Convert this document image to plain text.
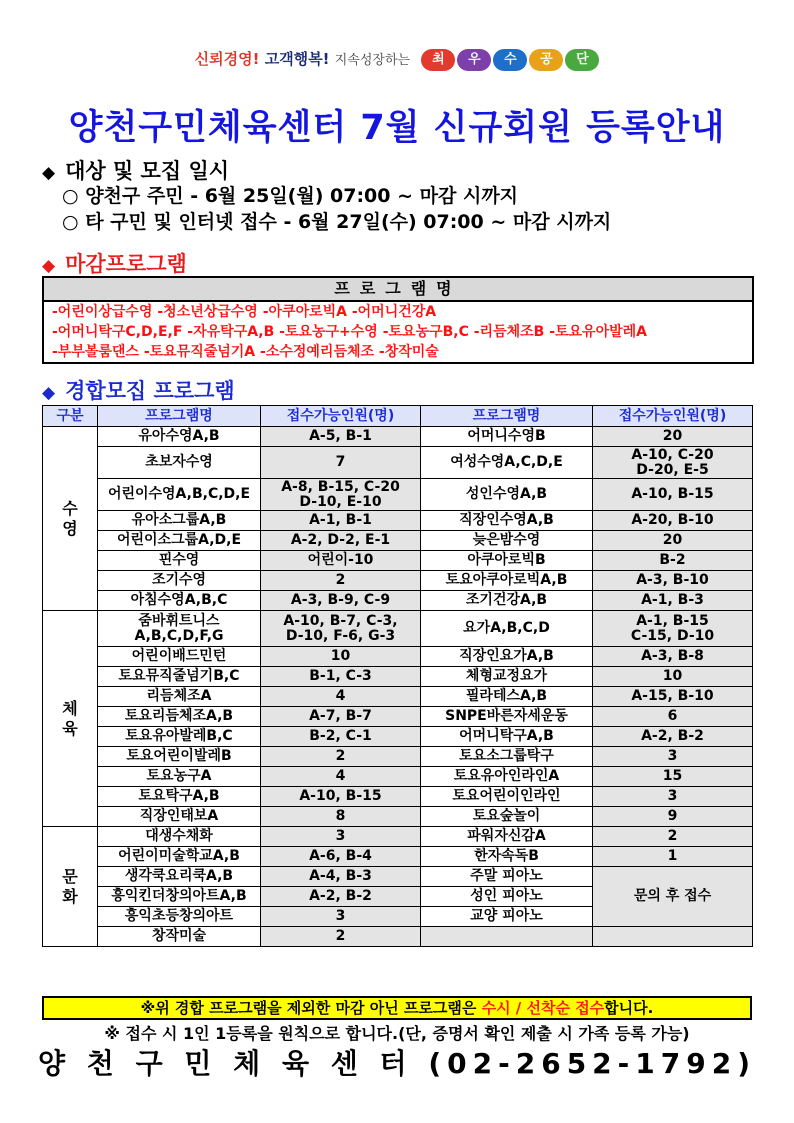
신뢰경영! 고객행복! 지속성장하는	최	우	수	공	단
양천구민체육센터 7월 신규회원 등록안내
◆ 대상 및 모집 일시
○ 양천구 주민 - 6월 25일(월) 07:00 ~ 마감 시까지
○ 타 구민 및 인터넷 접수 - 6월 27일(수) 07:00 ~ 마감 시까지
◆ 마감프로그램
프로그램명
-어린이상급수영 -청소년상급수영 -아쿠아로빅A -어머니건강A
-어머니탁구C,D,E,F -자유탁구A,B -토요농구+수영 -토요농구B,C -리듬체조B -토요유아발레A
-부부볼룸댄스 -토요뮤직줄넘기A -소수정예리듬체조 -창작미술
◆ 경합모집 프로그램
구분	프로그램명	접수가능인원(명)	프로그램명	접수가능인원(명)
수
영	유아수영A,B	A-5, B-1	어머니수영B	20
	초보자수영	7	여성수영A,C,D,E	A-10, C-20
D-20, E-5
	어린이수영A,B,C,D,E	A-8, B-15, C-20
D-10, E-10	성인수영A,B	A-10, B-15
	유아소그룹A,B	A-1, B-1	직장인수영A,B	A-20, B-10
	어린이소그룹A,D,E	A-2, D-2, E-1	늦은밤수영	20
	핀수영	어린이-10	아쿠아로빅B	B-2
	조기수영	2	토요아쿠아로빅A,B	A-3, B-10
	아침수영A,B,C	A-3, B-9, C-9	조기건강A,B	A-1, B-3
체
육	줌바휘트니스
A,B,C,D,F,G	A-10, B-7, C-3,
D-10, F-6, G-3	요가A,B,C,D	A-1, B-15
C-15, D-10
	어린이배드민턴	10	직장인요가A,B	A-3, B-8
	토요뮤직줄넘기B,C	B-1, C-3	체형교정요가	10
	리듬체조A	4	필라테스A,B	A-15, B-10
	토요리듬체조A,B	A-7, B-7	SNPE바른자세운동	6
	토요유아발레B,C	B-2, C-1	어머니탁구A,B	A-2, B-2
	토요어린이발레B	2	토요소그룹탁구	3
	토요농구A	4	토요유아인라인A	15
	토요탁구A,B	A-10, B-15	토요어린이인라인	3
	직장인태보A	8	토요숲놀이	9
문
화	대생수채화	3	파워자신감A	2
	어린이미술학교A,B	A-6, B-4	한자속독B	1
	생각쿡요리쿡A,B	A-4, B-3	주말 피아노	문의 후 접수
	흥익킨더창의아트A,B	A-2, B-2	성인 피아노	
	흥익초등창의아트	3	교양 피아노	
	창작미술	2		
※위 경합 프로그램을 제외한 마감 아닌 프로그램은 수시 / 선착순 접수합니다.
※ 접수 시 1인 1등록을 원칙으로 합니다.(단, 증명서 확인 제출 시 가족 등록 가능)
양 천 구 민 체 육 센 터 (02-2652-1792)
